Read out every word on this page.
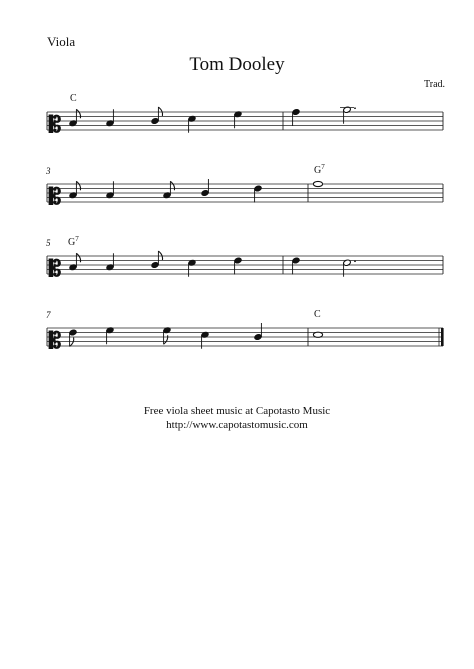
Viola
Tom Dooley
Trad.
𝄡
C
𝄡
3	$G^7$
𝄡
5 $G^7$
𝄡
7	C
Free viola sheet music at Capotasto Music
http://www.capotastomusic.com
